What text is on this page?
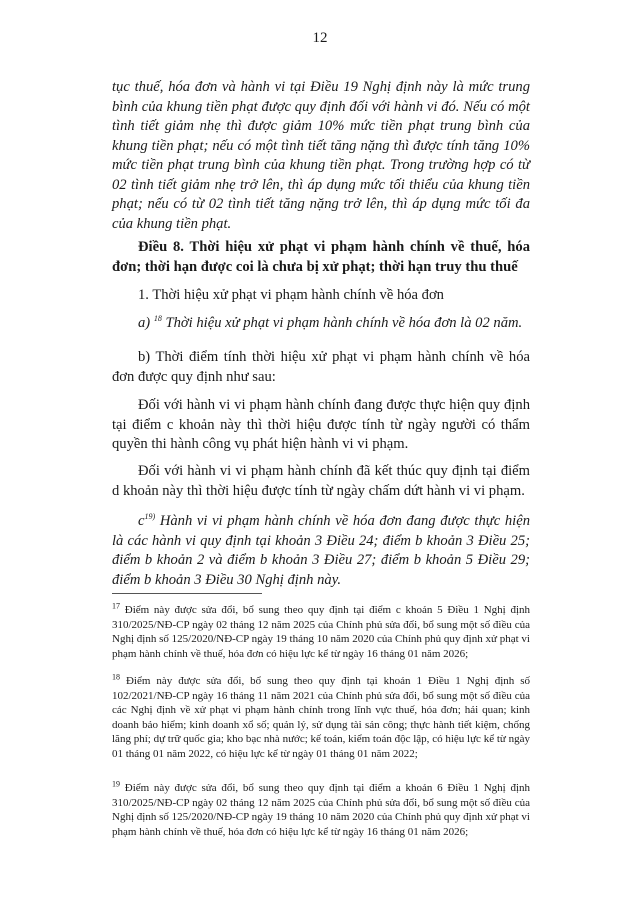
12

tục thuế, hóa đơn và hành vi tại Điều 19 Nghị định này là mức trung bình của khung tiền phạt được quy định đối với hành vi đó. Nếu có một tình tiết giảm nhẹ thì được giảm 10% mức tiền phạt trung bình của khung tiền phạt; nếu có một tình tiết tăng nặng thì được tính tăng 10% mức tiền phạt trung bình của khung tiền phạt. Trong trường hợp có từ 02 tình tiết giảm nhẹ trở lên, thì áp dụng mức tối thiểu của khung tiền phạt; nếu có từ 02 tình tiết tăng nặng trở lên, thì áp dụng mức tối đa của khung tiền phạt.

Điều 8. Thời hiệu xử phạt vi phạm hành chính về thuế, hóa đơn; thời hạn được coi là chưa bị xử phạt; thời hạn truy thu thuế

1. Thời hiệu xử phạt vi phạm hành chính về hóa đơn

a) $^{18}$ Thời hiệu xử phạt vi phạm hành chính về hóa đơn là 02 năm.

b) Thời điểm tính thời hiệu xử phạt vi phạm hành chính về hóa đơn được quy định như sau:

Đối với hành vi vi phạm hành chính đang được thực hiện quy định tại điểm c khoản này thì thời hiệu được tính từ ngày người có thẩm quyền thi hành công vụ phát hiện hành vi vi phạm.

Đối với hành vi vi phạm hành chính đã kết thúc quy định tại điểm d khoản này thì thời hiệu được tính từ ngày chấm dứt hành vi vi phạm.

$c^{19)}$ Hành vi vi phạm hành chính về hóa đơn đang được thực hiện là các hành vi quy định tại khoản 3 Điều 24; điểm b khoản 3 Điều 25; điểm b khoản 2 và điểm b khoản 3 Điều 27; điểm b khoản 5 Điều 29; điểm b khoản 3 Điều 30 Nghị định này.

$^{17}$ Điểm này được sửa đổi, bổ sung theo quy định tại điểm c khoản 5 Điều 1 Nghị định 310/2025/NĐ-CP ngày 02 tháng 12 năm 2025 của Chính phủ sửa đổi, bổ sung một số điều của Nghị định số 125/2020/NĐ-CP ngày 19 tháng 10 năm 2020 của Chính phủ quy định xử phạt vi phạm hành chính về thuế, hóa đơn có hiệu lực kể từ ngày 16 tháng 01 năm 2026;

$^{18}$ Điểm này được sửa đổi, bổ sung theo quy định tại khoản 1 Điều 1 Nghị định số 102/2021/NĐ-CP ngày 16 tháng 11 năm 2021 của Chính phủ sửa đổi, bổ sung một số điều của các Nghị định về xử phạt vi phạm hành chính trong lĩnh vực thuế, hóa đơn; hải quan; kinh doanh bảo hiểm; kinh doanh xổ số; quản lý, sử dụng tài sản công; thực hành tiết kiệm, chống lãng phí; dự trữ quốc gia; kho bạc nhà nước; kế toán, kiểm toán độc lập, có hiệu lực kể từ ngày 01 tháng 01 năm 2022, có hiệu lực kể từ ngày 01 tháng 01 năm 2022;

$^{19}$ Điểm này được sửa đổi, bổ sung theo quy định tại điểm a khoản 6 Điều 1 Nghị định 310/2025/NĐ-CP ngày 02 tháng 12 năm 2025 của Chính phủ sửa đổi, bổ sung một số điều của Nghị định số 125/2020/NĐ-CP ngày 19 tháng 10 năm 2020 của Chính phủ quy định xử phạt vi phạm hành chính về thuế, hóa đơn có hiệu lực kể từ ngày 16 tháng 01 năm 2026;
